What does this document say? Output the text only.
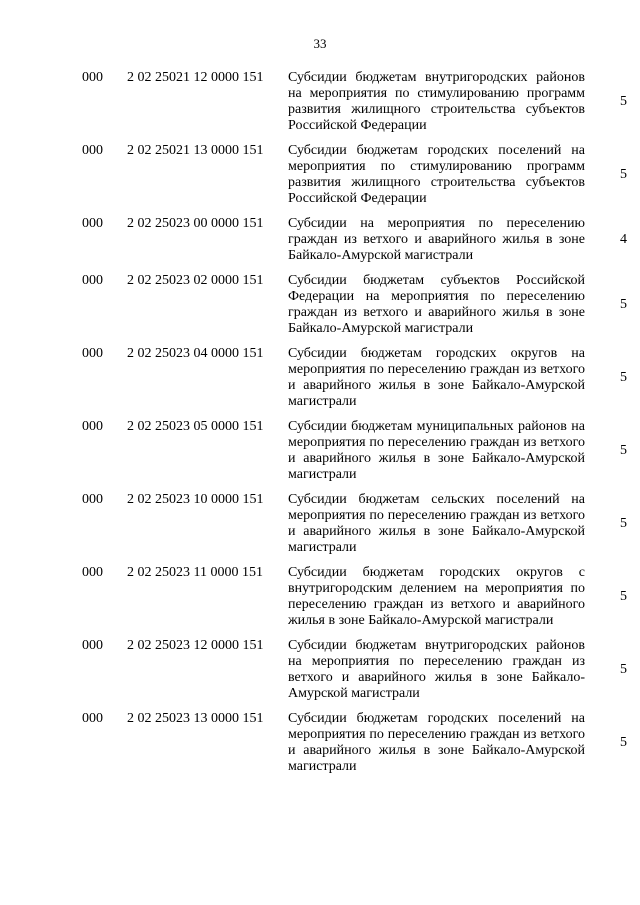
33
000 2 02 25021 12 0000 151 Субсидии бюджетам внутригородских районов на мероприятия по стимулированию программ развития жилищного строительства субъектов Российской Федерации
5
000 2 02 25021 13 0000 151 Субсидии бюджетам городских поселений на мероприятия по стимулированию программ развития жилищного строительства субъектов Российской Федерации
5
000 2 02 25023 00 0000 151 Субсидии на мероприятия по переселению граждан из ветхого и аварийного жилья в зоне Байкало-Амурской магистрали
4
000 2 02 25023 02 0000 151 Субсидии бюджетам субъектов Российской Федерации на мероприятия по переселению граждан из ветхого и аварийного жилья в зоне Байкало-Амурской магистрали
5
000 2 02 25023 04 0000 151 Субсидии бюджетам городских округов на мероприятия по переселению граждан из ветхого и аварийного жилья в зоне Байкало-Амурской магистрали
5
000 2 02 25023 05 0000 151 Субсидии бюджетам муниципальных районов на мероприятия по переселению граждан из ветхого и аварийного жилья в зоне Байкало-Амурской магистрали
5
000 2 02 25023 10 0000 151 Субсидии бюджетам сельских поселений на мероприятия по переселению граждан из ветхого и аварийного жилья в зоне Байкало-Амурской магистрали
5
000 2 02 25023 11 0000 151 Субсидии бюджетам городских округов с внутригородским делением на мероприятия по переселению граждан из ветхого и аварийного жилья в зоне Байкало-Амурской магистрали
5
000 2 02 25023 12 0000 151 Субсидии бюджетам внутригородских районов на мероприятия по переселению граждан из ветхого и аварийного жилья в зоне Байкало-Амурской магистрали
5
000 2 02 25023 13 0000 151 Субсидии бюджетам городских поселений на мероприятия по переселению граждан из ветхого и аварийного жилья в зоне Байкало-Амурской магистрали
5
